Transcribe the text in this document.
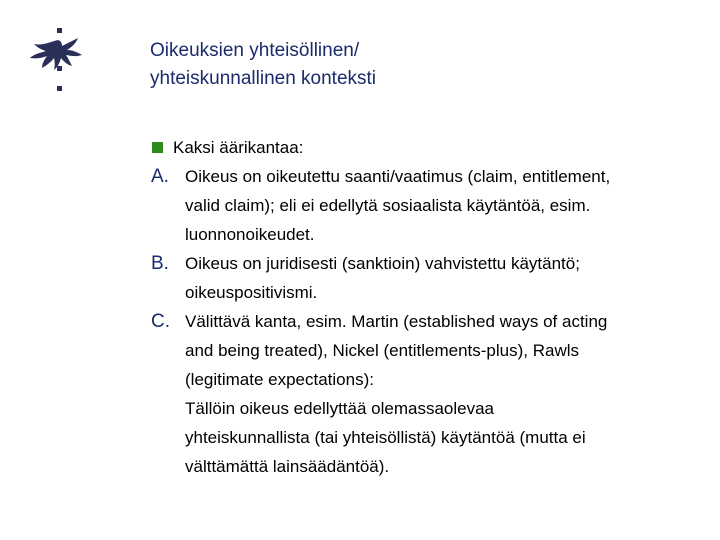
Oikeuksien yhteisöllinen/
yhteiskunnallinen konteksti
Kaksi äärikantaa:
A. Oikeus on oikeutettu saanti/vaatimus (claim, entitlement,
valid claim); eli ei edellytä sosiaalista käytäntöä, esim.
luonnonoikeudet.
B. Oikeus on juridisesti (sanktioin) vahvistettu käytäntö;
oikeuspositivismi.
C. Välittävä kanta, esim. Martin (established ways of acting
and being treated), Nickel (entitlements-plus), Rawls
(legitimate expectations):
Tällöin oikeus edellyttää olemassaolevaa
yhteiskunnallista (tai yhteisöllistä) käytäntöä (mutta ei
välttämättä lainsäädäntöä).
